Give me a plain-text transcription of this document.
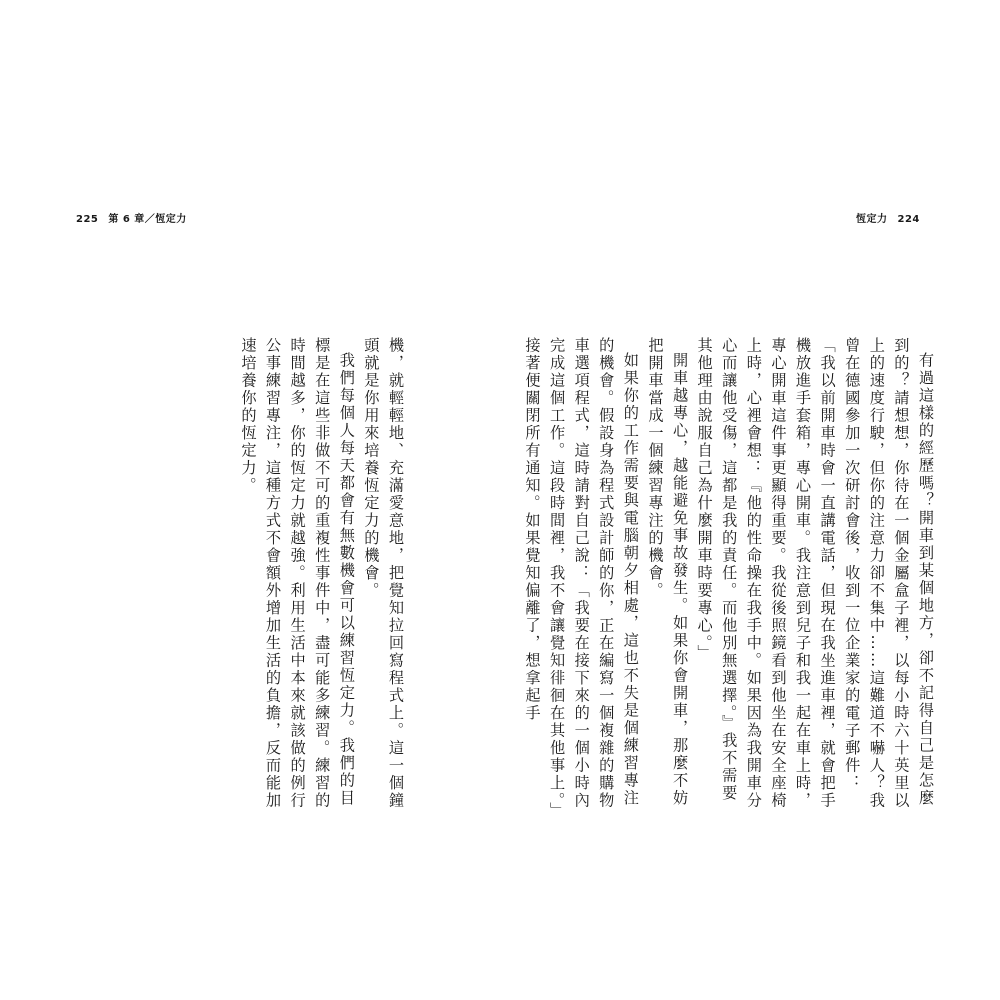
225 第 6 章／恆定力	恆定力 224

有過這樣的經歷嗎？開車到某個地方，卻不記得自己是怎麼到的？請想想，你待在一個金屬盒子裡，以每小時六十英里以上的速度行駛，但你的注意力卻不集中……這難道不嚇人？我曾在德國參加一次研討會後，收到一位企業家的電子郵件：「我以前開車時會一直講電話，但現在我坐進車裡，就會把手機放進手套箱，專心開車。我注意到兒子和我一起在車上時，專心開車這件事更顯得重要。我從後照鏡看到他坐在安全座椅上時，心裡會想：『他的性命操在我手中。如果因為我開車分心而讓他受傷，這都是我的責任。而他別無選擇。』我不需要其他理由說服自己為什麼開車時要專心。」

開車越專心，越能避免事故發生。如果你會開車，那麼不妨把開車當成一個練習專注的機會。

如果你的工作需要與電腦朝夕相處，這也不失是個練習專注的機會。假設身為程式設計師的你，正在編寫一個複雜的購物車選項程式，這時請對自己說：「我要在接下來的一個小時內完成這個工作。這段時間裡，我不會讓覺知徘徊在其他事上。」接著便關閉所有通知。如果覺知偏離了，想拿起手

機，就輕輕地、充滿愛意地，把覺知拉回寫程式上。這一個鐘頭就是你用來培養恆定力的機會。

我們每個人每天都會有無數機會可以練習恆定力。我們的目標是在這些非做不可的重複性事件中，盡可能多練習。練習的時間越多，你的恆定力就越強。利用生活中本來就該做的例行公事練習專注，這種方式不會額外增加生活的負擔，反而能加速培養你的恆定力。
